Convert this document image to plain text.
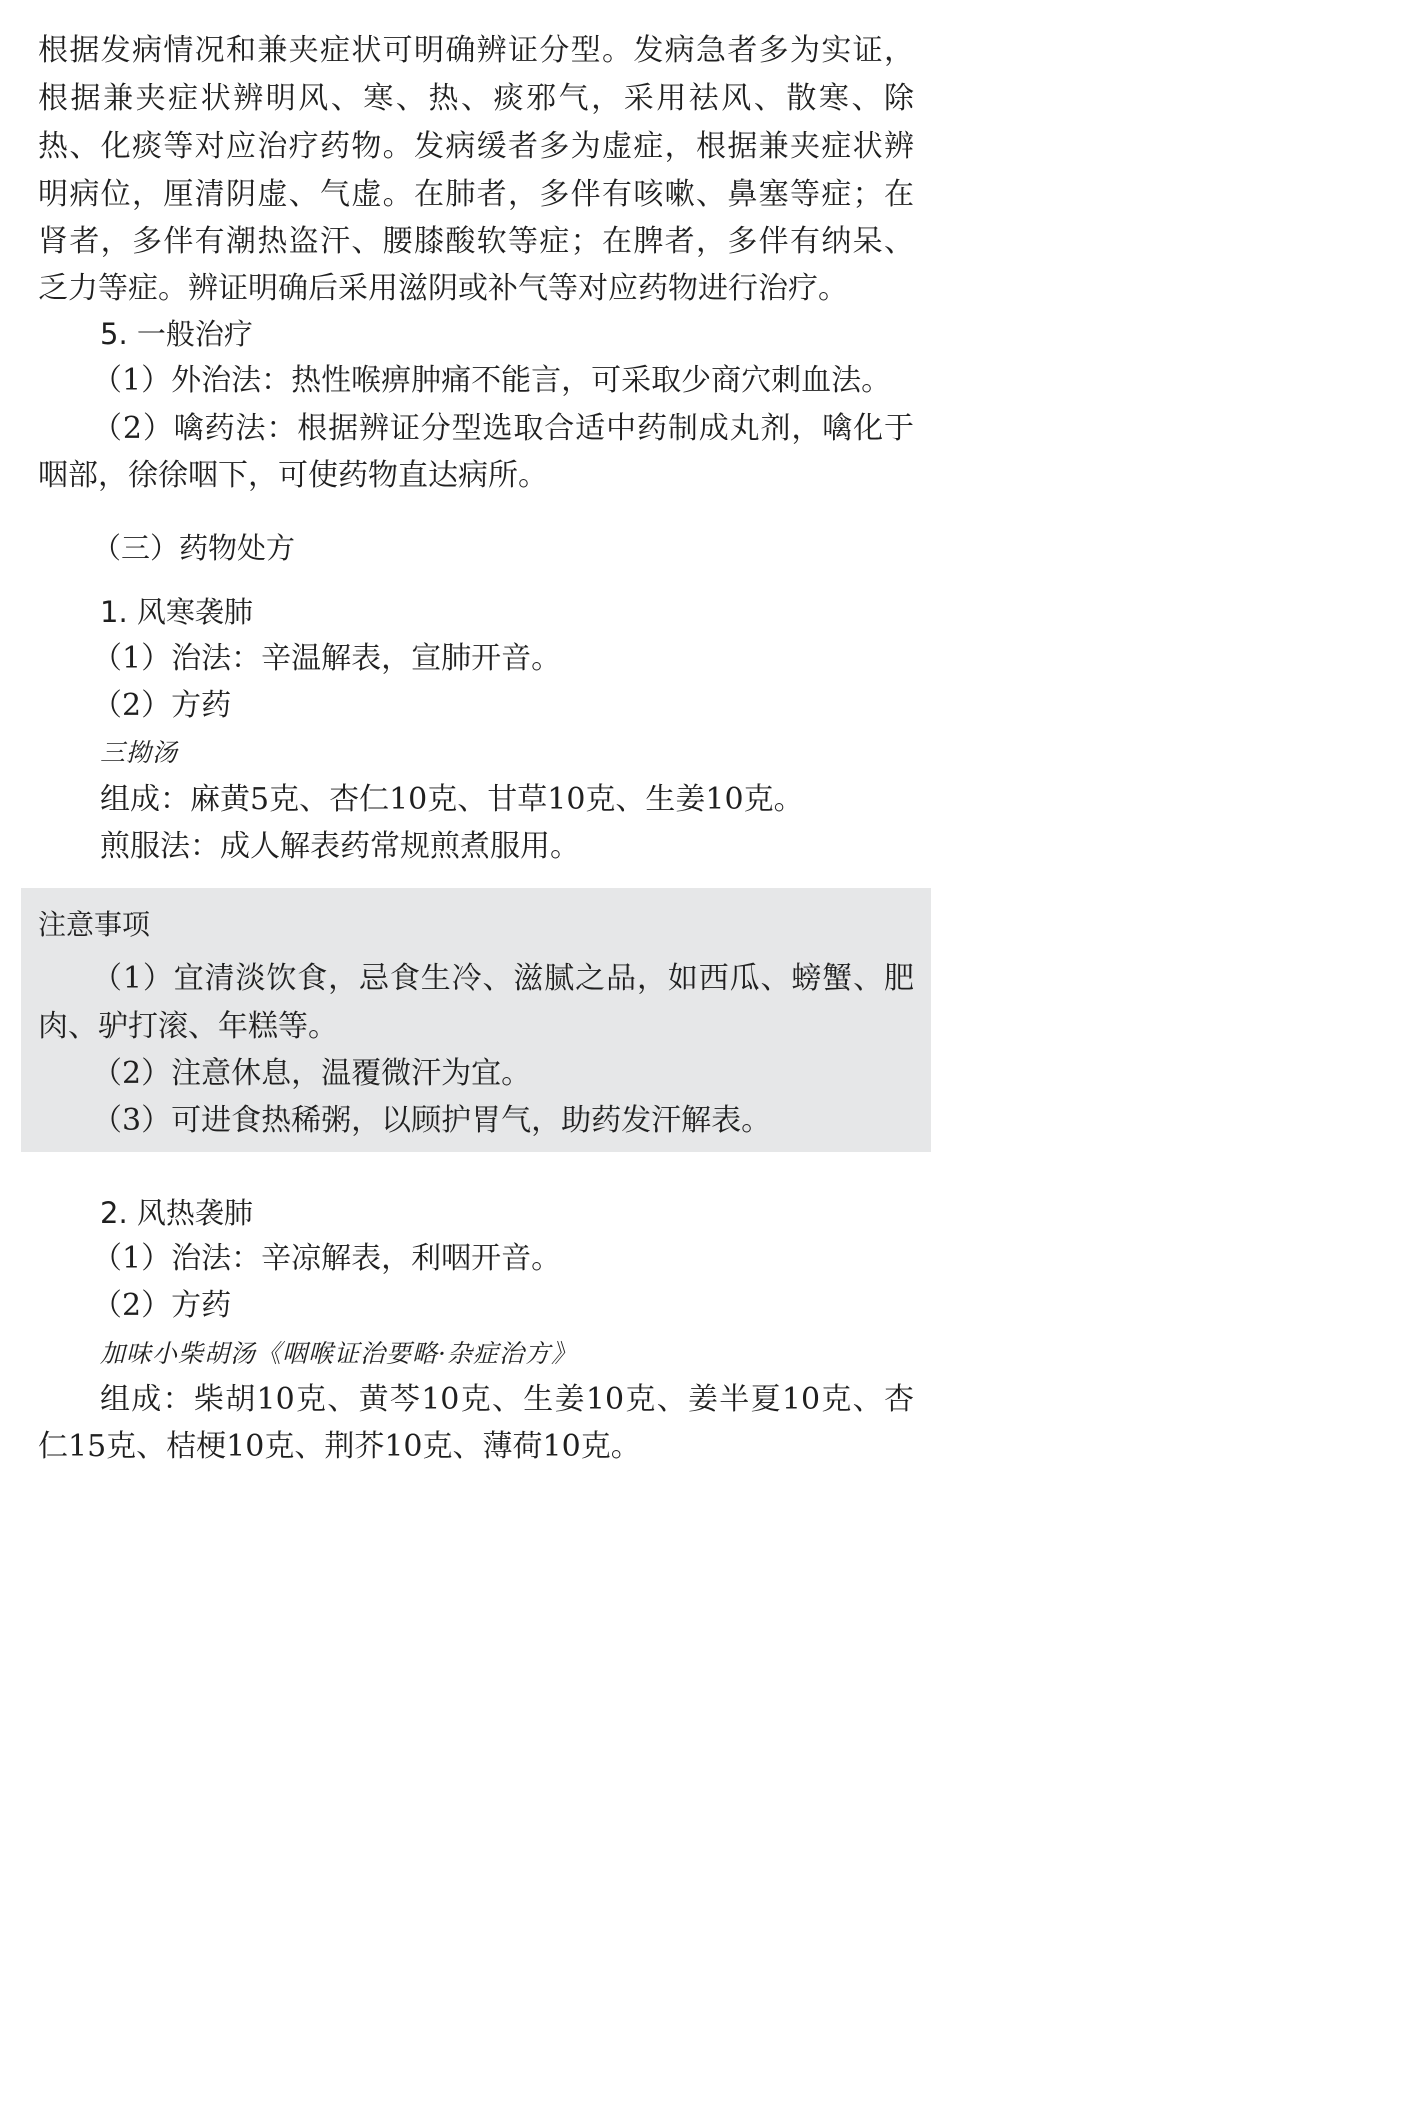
根据发病情况和兼夹症状可明确辨证分型。发病急者多为实证，

根据兼夹症状辨明风、寒、热、痰邪气，采用祛风、散寒、除

热、化痰等对应治疗药物。发病缓者多为虚症，根据兼夹症状辨

明病位，厘清阴虚、气虚。在肺者，多伴有咳嗽、鼻塞等症；在

肾者，多伴有潮热盗汗、腰膝酸软等症；在脾者，多伴有纳呆、

乏力等症。辨证明确后采用滋阴或补气等对应药物进行治疗。

5. 一般治疗

（1）外治法：热性喉痹肿痛不能言，可采取少商穴刺血法。

（2）噙药法：根据辨证分型选取合适中药制成丸剂，噙化于

咽部，徐徐咽下，可使药物直达病所。

（三）药物处方

1. 风寒袭肺

（1）治法：辛温解表，宣肺开音。

（2）方药

三拗汤

组成：麻黄5克、杏仁10克、甘草10克、生姜10克。

煎服法：成人解表药常规煎煮服用。

注意事项

（1）宜清淡饮食，忌食生冷、滋腻之品，如西瓜、螃蟹、肥

肉、驴打滚、年糕等。

（2）注意休息，温覆微汗为宜。

（3）可进食热稀粥，以顾护胃气，助药发汗解表。

2. 风热袭肺

（1）治法：辛凉解表，利咽开音。

（2）方药

加味小柴胡汤《咽喉证治要略·杂症治方》

组成：柴胡10克、黄芩10克、生姜10克、姜半夏10克、杏

仁15克、桔梗10克、荆芥10克、薄荷10克。
